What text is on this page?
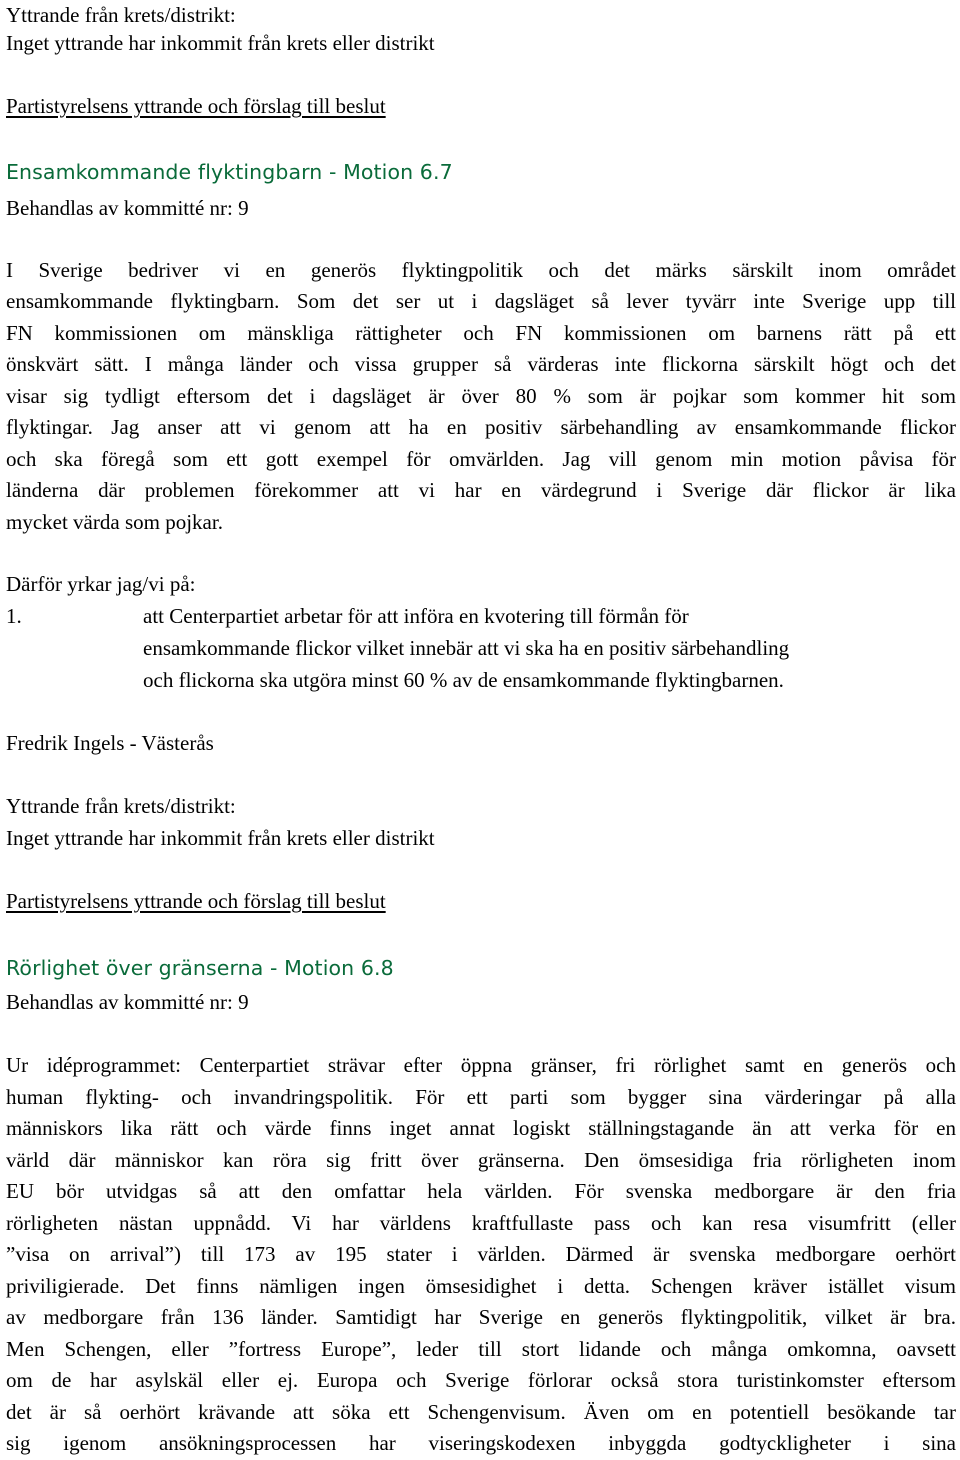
Yttrande från krets/distrikt:
Inget yttrande har inkommit från krets eller distrikt
Partistyrelsens yttrande och förslag till beslut
Ensamkommande flyktingbarn - Motion 6.7
Behandlas av kommitté nr: 9
I Sverige bedriver vi en generös flyktingpolitik och det märks särskilt inom området
ensamkommande flyktingbarn. Som det ser ut i dagsläget så lever tyvärr inte Sverige upp till
FN kommissionen om mänskliga rättigheter och FN kommissionen om barnens rätt på ett
önskvärt sätt. I många länder och vissa grupper så värderas inte flickorna särskilt högt och det
visar sig tydligt eftersom det i dagsläget är över 80 % som är pojkar som kommer hit som
flyktingar. Jag anser att vi genom att ha en positiv särbehandling av ensamkommande flickor
och ska föregå som ett gott exempel för omvärlden. Jag vill genom min motion påvisa för
länderna där problemen förekommer att vi har en värdegrund i Sverige där flickor är lika
mycket värda som pojkar.
Därför yrkar jag/vi på:
1.	att Centerpartiet arbetar för att införa en kvotering till förmån för
ensamkommande flickor vilket innebär att vi ska ha en positiv särbehandling
och flickorna ska utgöra minst 60 % av de ensamkommande flyktingbarnen.
Fredrik Ingels - Västerås
Yttrande från krets/distrikt:
Inget yttrande har inkommit från krets eller distrikt
Partistyrelsens yttrande och förslag till beslut
Rörlighet över gränserna - Motion 6.8
Behandlas av kommitté nr: 9
Ur idéprogrammet: Centerpartiet strävar efter öppna gränser, fri rörlighet samt en generös och
human flykting- och invandringspolitik. För ett parti som bygger sina värderingar på alla
människors lika rätt och värde finns inget annat logiskt ställningstagande än att verka för en
värld där människor kan röra sig fritt över gränserna. Den ömsesidiga fria rörligheten inom
EU bör utvidgas så att den omfattar hela världen. För svenska medborgare är den fria
rörligheten nästan uppnådd. Vi har världens kraftfullaste pass och kan resa visumfritt (eller
”visa on arrival”) till 173 av 195 stater i världen. Därmed är svenska medborgare oerhört
priviligierade. Det finns nämligen ingen ömsesidighet i detta. Schengen kräver istället visum
av medborgare från 136 länder. Samtidigt har Sverige en generös flyktingpolitik, vilket är bra.
Men Schengen, eller ”fortress Europe”, leder till stort lidande och många omkomna, oavsett
om de har asylskäl eller ej. Europa och Sverige förlorar också stora turistinkomster eftersom
det är så oerhört krävande att söka ett Schengenvisum. Även om en potentiell besökande tar
sig igenom ansökningsprocessen har viseringskodexen inbyggda godtyckligheter i sina
